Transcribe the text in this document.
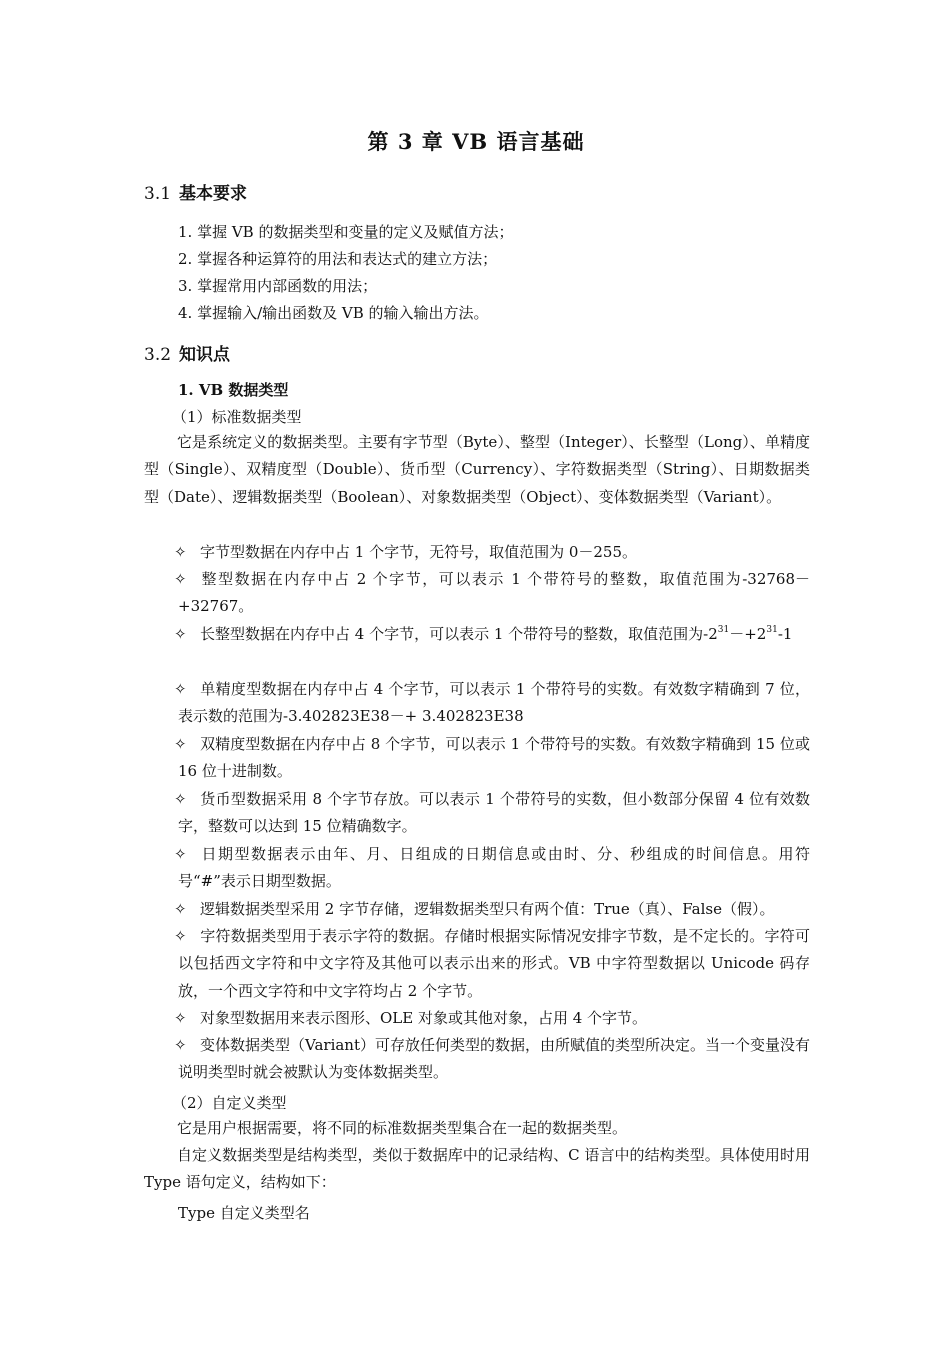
第 3 章 VB 语言基础
3.1 基本要求
1. 掌握 VB 的数据类型和变量的定义及赋值方法；
2. 掌握各种运算符的用法和表达式的建立方法；
3. 掌握常用内部函数的用法；
4. 掌握输入/输出函数及 VB 的输入输出方法。
3.2 知识点
1. VB 数据类型
（1）标准数据类型

它是系统定义的数据类型。主要有字节型（Byte）、整型（Integer）、长整型（Long）、单精度型（Single）、双精度型（Double）、货币型（Currency）、字符数据类型（String）、日期数据类型（Date）、逻辑数据类型（Boolean）、对象数据类型（Object）、变体数据类型（Variant）。

✧ 字节型数据在内存中占 1 个字节，无符号，取值范围为 0－255。

✧ 整型数据在内存中占 2 个字节，可以表示 1 个带符号的整数，取值范围为-32768－+32767。

✧ 长整型数据在内存中占 4 个字节，可以表示 1 个带符号的整数，取值范围为$-2^{31}-+2^{31}-1$

✧ 单精度型数据在内存中占 4 个字节，可以表示 1 个带符号的实数。有效数字精确到 7 位，表示数的范围为-3.402823E38－+ 3.402823E38

✧ 双精度型数据在内存中占 8 个字节，可以表示 1 个带符号的实数。有效数字精确到 15 位或 16 位十进制数。

✧ 货币型数据采用 8 个字节存放。可以表示 1 个带符号的实数，但小数部分保留 4 位有效数字，整数可以达到 15 位精确数字。

✧ 日期型数据表示由年、月、日组成的日期信息或由时、分、秒组成的时间信息。用符号“#”表示日期型数据。

✧ 逻辑数据类型采用 2 字节存储，逻辑数据类型只有两个值：True（真）、False（假）。

✧ 字符数据类型用于表示字符的数据。存储时根据实际情况安排字节数，是不定长的。字符可以包括西文字符和中文字符及其他可以表示出来的形式。VB 中字符型数据以 Unicode 码存放，一个西文字符和中文字符均占 2 个字节。

✧ 对象型数据用来表示图形、OLE 对象或其他对象，占用 4 个字节。

✧ 变体数据类型（Variant）可存放任何类型的数据，由所赋值的类型所决定。当一个变量没有说明类型时就会被默认为变体数据类型。

（2）自定义类型

它是用户根据需要，将不同的标准数据类型集合在一起的数据类型。

自定义数据类型是结构类型，类似于数据库中的记录结构、C 语言中的结构类型。具体使用时用 Type 语句定义，结构如下：

Type 自定义类型名
